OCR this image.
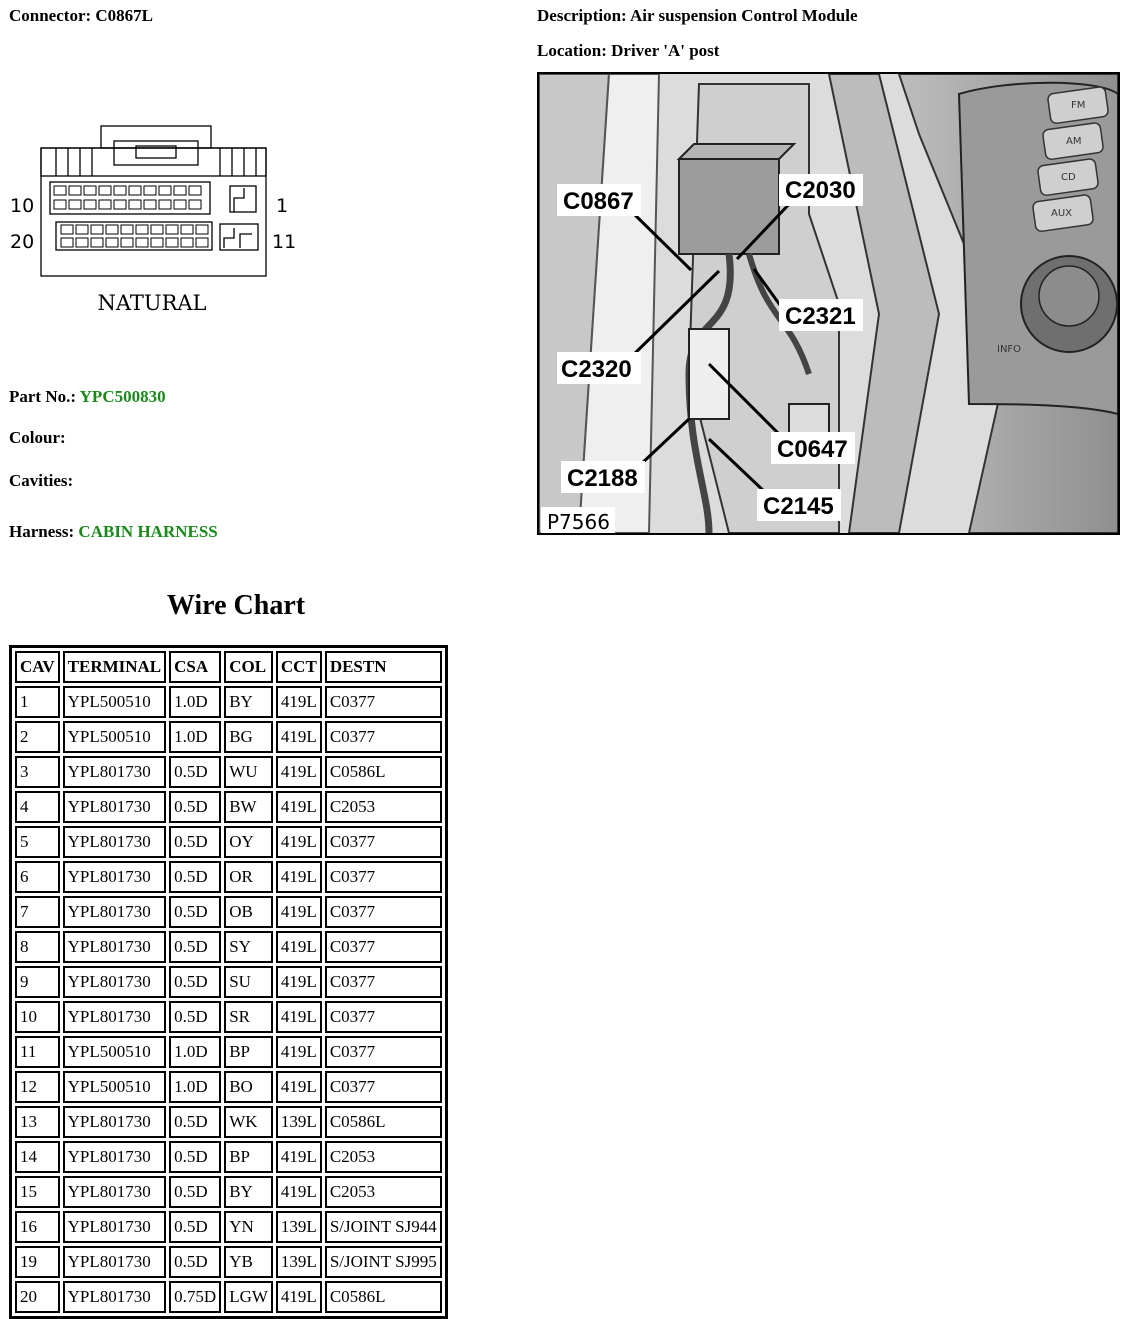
Connector: C0867L	Description: Air suspension Control Module
Location: Driver 'A' post
10	1
20	11
NATURAL
Part No.: YPC500830
Colour:
Cavities:
Harness: CABIN HARNESS
FM
AM
CD
AUX
INFO
C0867	C2030
C2321
C2320
C0647
C2188
C2145
P7566
Wire Chart
CAV	TERMINAL	CSA	COL	CCT	DESTN
1	YPL500510	1.0D	BY	419L	C0377
2	YPL500510	1.0D	BG	419L	C0377
3	YPL801730	0.5D	WU	419L	C0586L
4	YPL801730	0.5D	BW	419L	C2053
5	YPL801730	0.5D	OY	419L	C0377
6	YPL801730	0.5D	OR	419L	C0377
7	YPL801730	0.5D	OB	419L	C0377
8	YPL801730	0.5D	SY	419L	C0377
9	YPL801730	0.5D	SU	419L	C0377
10	YPL801730	0.5D	SR	419L	C0377
11	YPL500510	1.0D	BP	419L	C0377
12	YPL500510	1.0D	BO	419L	C0377
13	YPL801730	0.5D	WK	139L	C0586L
14	YPL801730	0.5D	BP	419L	C2053
15	YPL801730	0.5D	BY	419L	C2053
16	YPL801730	0.5D	YN	139L	S/JOINT SJ944
19	YPL801730	0.5D	YB	139L	S/JOINT SJ995
20	YPL801730	0.75D	LGW	419L	C0586L
